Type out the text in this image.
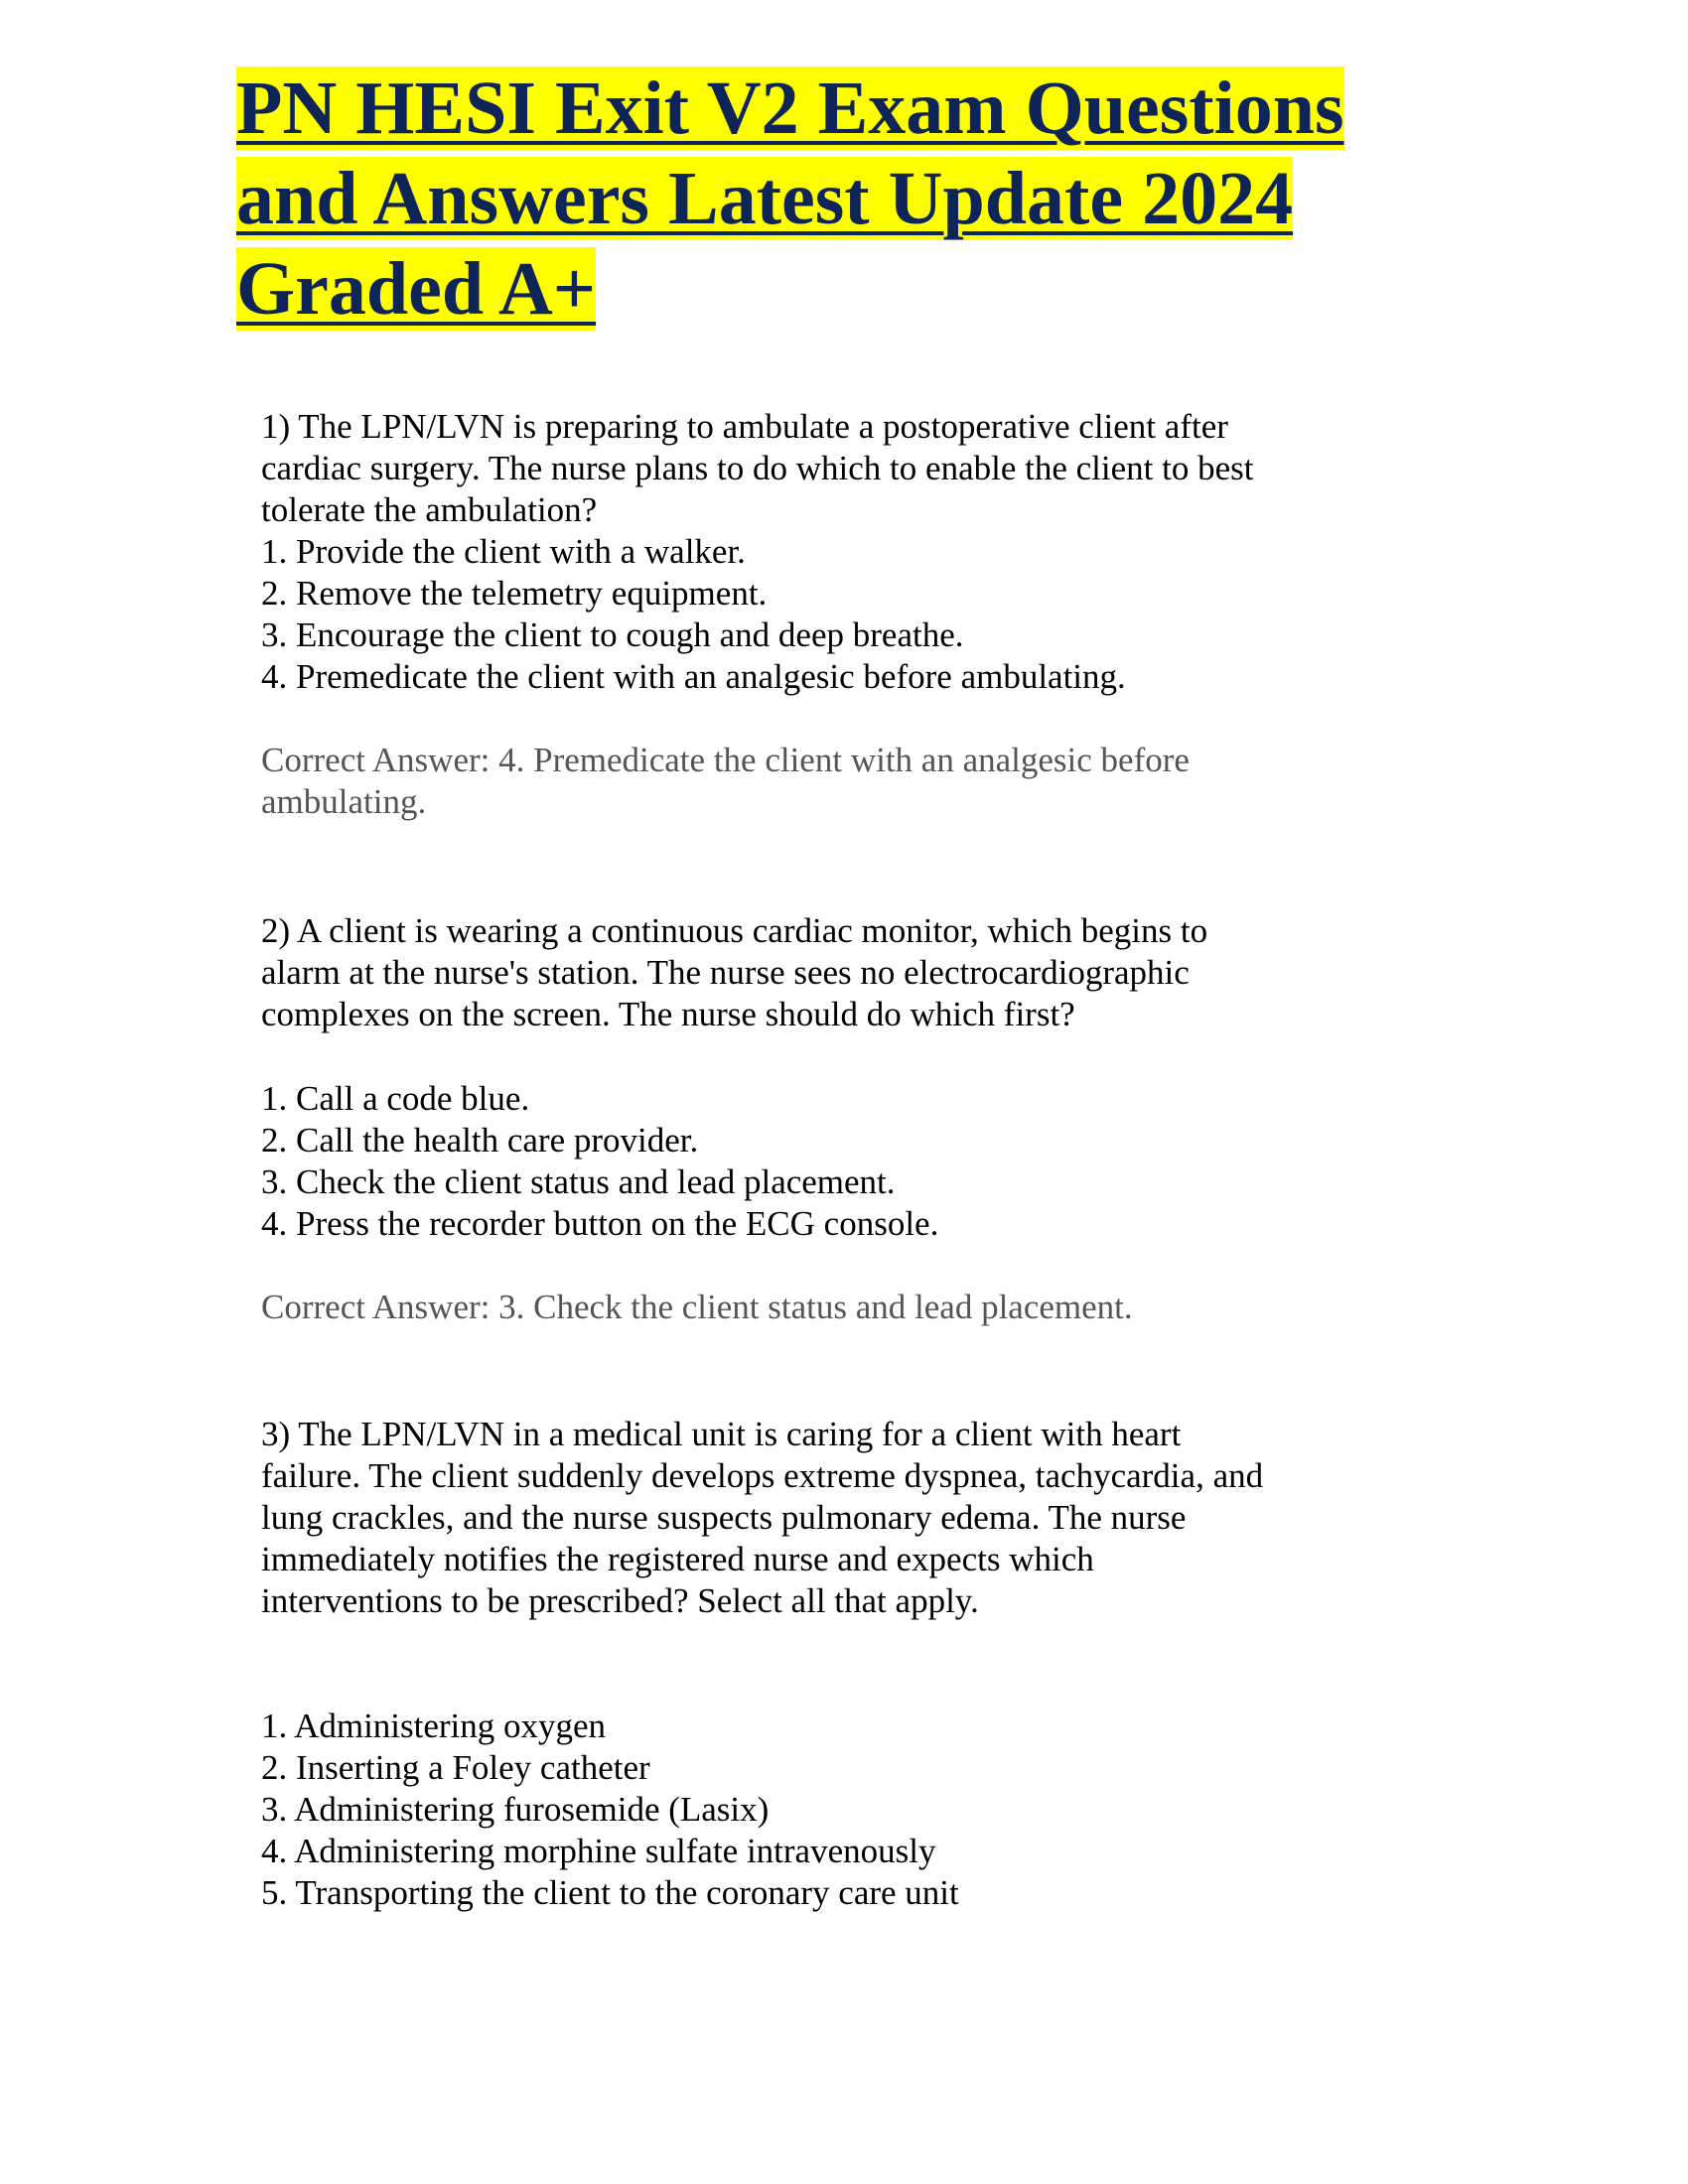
PN HESI Exit V2 Exam Questions
and Answers Latest Update 2024
Graded A+
1) The LPN/LVN is preparing to ambulate a postoperative client after
cardiac surgery. The nurse plans to do which to enable the client to best
tolerate the ambulation?
1. Provide the client with a walker.
2. Remove the telemetry equipment.
3. Encourage the client to cough and deep breathe.
4. Premedicate the client with an analgesic before ambulating.
Correct Answer: 4. Premedicate the client with an analgesic before
ambulating.
2) A client is wearing a continuous cardiac monitor, which begins to
alarm at the nurse's station. The nurse sees no electrocardiographic
complexes on the screen. The nurse should do which first?
1. Call a code blue.
2. Call the health care provider.
3. Check the client status and lead placement.
4. Press the recorder button on the ECG console.
Correct Answer: 3. Check the client status and lead placement.
3) The LPN/LVN in a medical unit is caring for a client with heart
failure. The client suddenly develops extreme dyspnea, tachycardia, and
lung crackles, and the nurse suspects pulmonary edema. The nurse
immediately notifies the registered nurse and expects which
interventions to be prescribed? Select all that apply.
1. Administering oxygen
2. Inserting a Foley catheter
3. Administering furosemide (Lasix)
4. Administering morphine sulfate intravenously
5. Transporting the client to the coronary care unit
